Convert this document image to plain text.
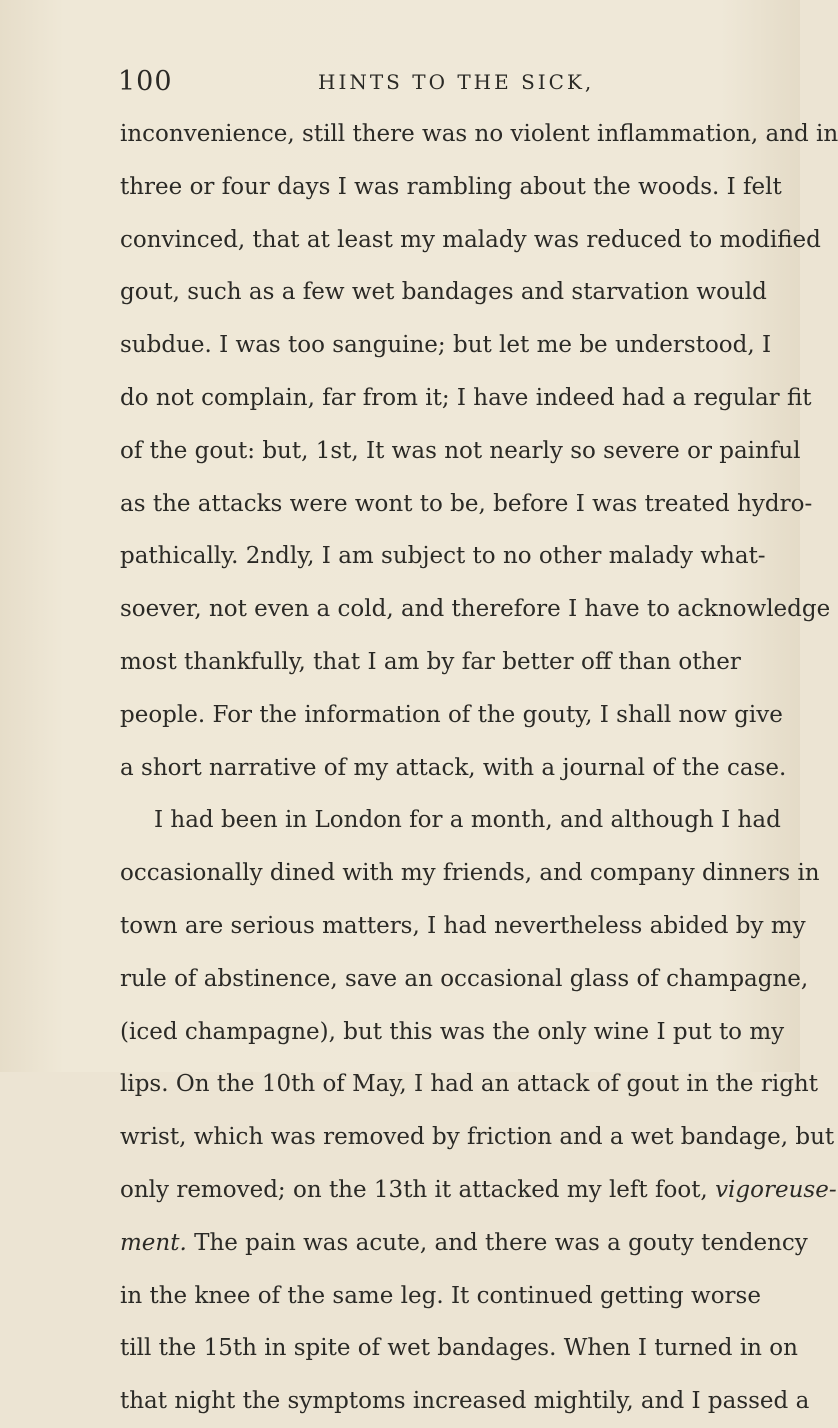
100	HINTS TO THE SICK,
inconvenience, still there was no violent inflammation, and in
three or four days I was rambling about the woods. I felt
convinced, that at least my malady was reduced to modified
gout, such as a few wet bandages and starvation would
subdue. I was too sanguine; but let me be understood, I
do not complain, far from it; I have indeed had a regular fit
of the gout: but, 1st, It was not nearly so severe or painful
as the attacks were wont to be, before I was treated hydro-
pathically. 2ndly, I am subject to no other malady what-
soever, not even a cold, and therefore I have to acknowledge
most thankfully, that I am by far better off than other
people. For the information of the gouty, I shall now give
a short narrative of my attack, with a journal of the case.
I had been in London for a month, and although I had
occasionally dined with my friends, and company dinners in
town are serious matters, I had nevertheless abided by my
rule of abstinence, save an occasional glass of champagne,
(iced champagne), but this was the only wine I put to my
lips. On the 10th of May, I had an attack of gout in the right
wrist, which was removed by friction and a wet bandage, but
only removed; on the 13th it attacked my left foot, vigoreuse-
ment. The pain was acute, and there was a gouty tendency
in the knee of the same leg. It continued getting worse
till the 15th in spite of wet bandages. When I turned in on
that night the symptoms increased mightily, and I passed a
